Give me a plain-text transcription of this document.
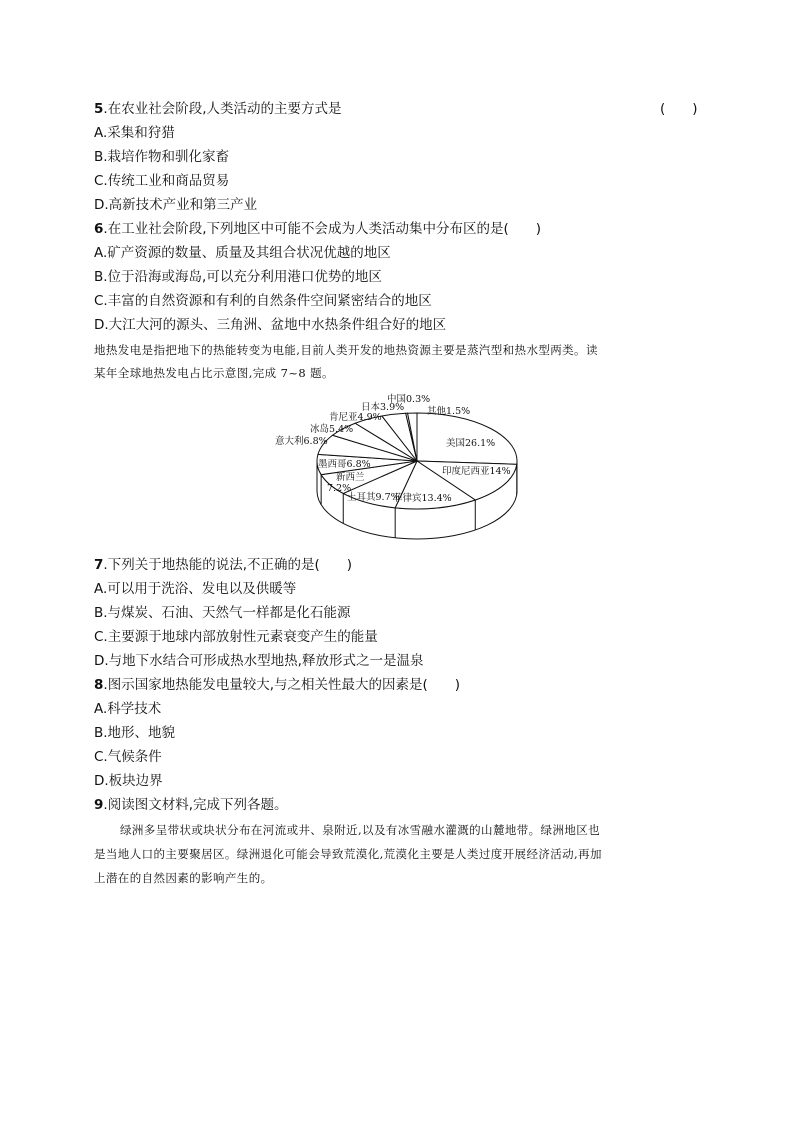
5.在农业社会阶段,人类活动的主要方式是	(　　)
A.采集和狩猎
B.栽培作物和驯化家畜
C.传统工业和商品贸易
D.高新技术产业和第三产业
6.在工业社会阶段,下列地区中可能不会成为人类活动集中分布区的是(　　)
A.矿产资源的数量、质量及其组合状况优越的地区
B.位于沿海或海岛,可以充分利用港口优势的地区
C.丰富的自然资源和有利的自然条件空间紧密结合的地区
D.大江大河的源头、三角洲、盆地中水热条件组合好的地区
地热发电是指把地下的热能转变为电能,目前人类开发的地热资源主要是蒸汽型和热水型两类。读
某年全球地热发电占比示意图,完成 7~8 题。
美国26.1%
印度尼西亚14%
菲律宾13.4%
土耳其9.7%
新西兰
7.2%
墨西哥6.8%
意大利6.8%
冰岛5.4%
肯尼亚4.9%
日本3.9%
中国0.3%
其他1.5%
7.下列关于地热能的说法,不正确的是(　　)
A.可以用于洗浴、发电以及供暖等
B.与煤炭、石油、天然气一样都是化石能源
C.主要源于地球内部放射性元素衰变产生的能量
D.与地下水结合可形成热水型地热,释放形式之一是温泉
8.图示国家地热能发电量较大,与之相关性最大的因素是(　　)
A.科学技术
B.地形、地貌
C.气候条件
D.板块边界
9.阅读图文材料,完成下列各题。
绿洲多呈带状或块状分布在河流或井、泉附近,以及有冰雪融水灌溉的山麓地带。绿洲地区也
是当地人口的主要聚居区。绿洲退化可能会导致荒漠化,荒漠化主要是人类过度开展经济活动,再加
上潜在的自然因素的影响产生的。
